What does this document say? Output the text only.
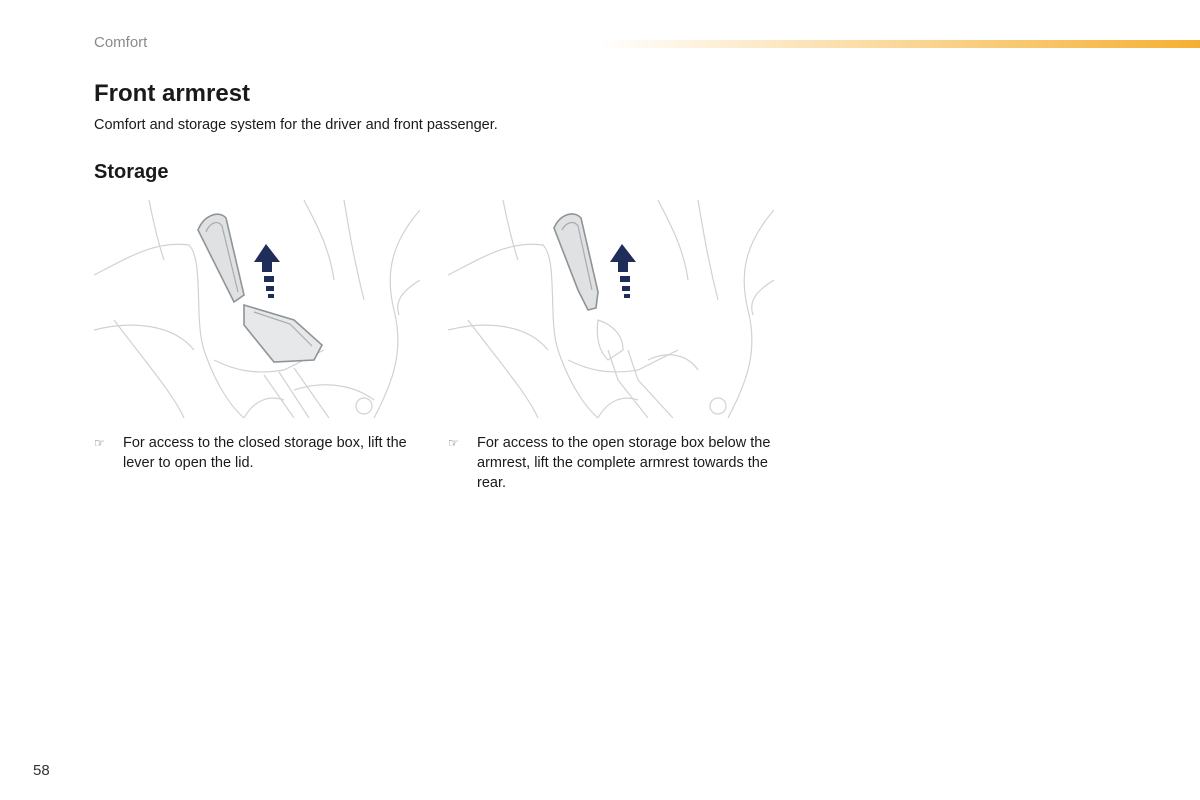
Comfort
Front armrest
Comfort and storage system for the driver and front passenger.
Storage
☞	For access to the closed storage box, lift the lever to open the lid.
☞	For access to the open storage box below the armrest, lift the complete armrest towards the rear.
58
